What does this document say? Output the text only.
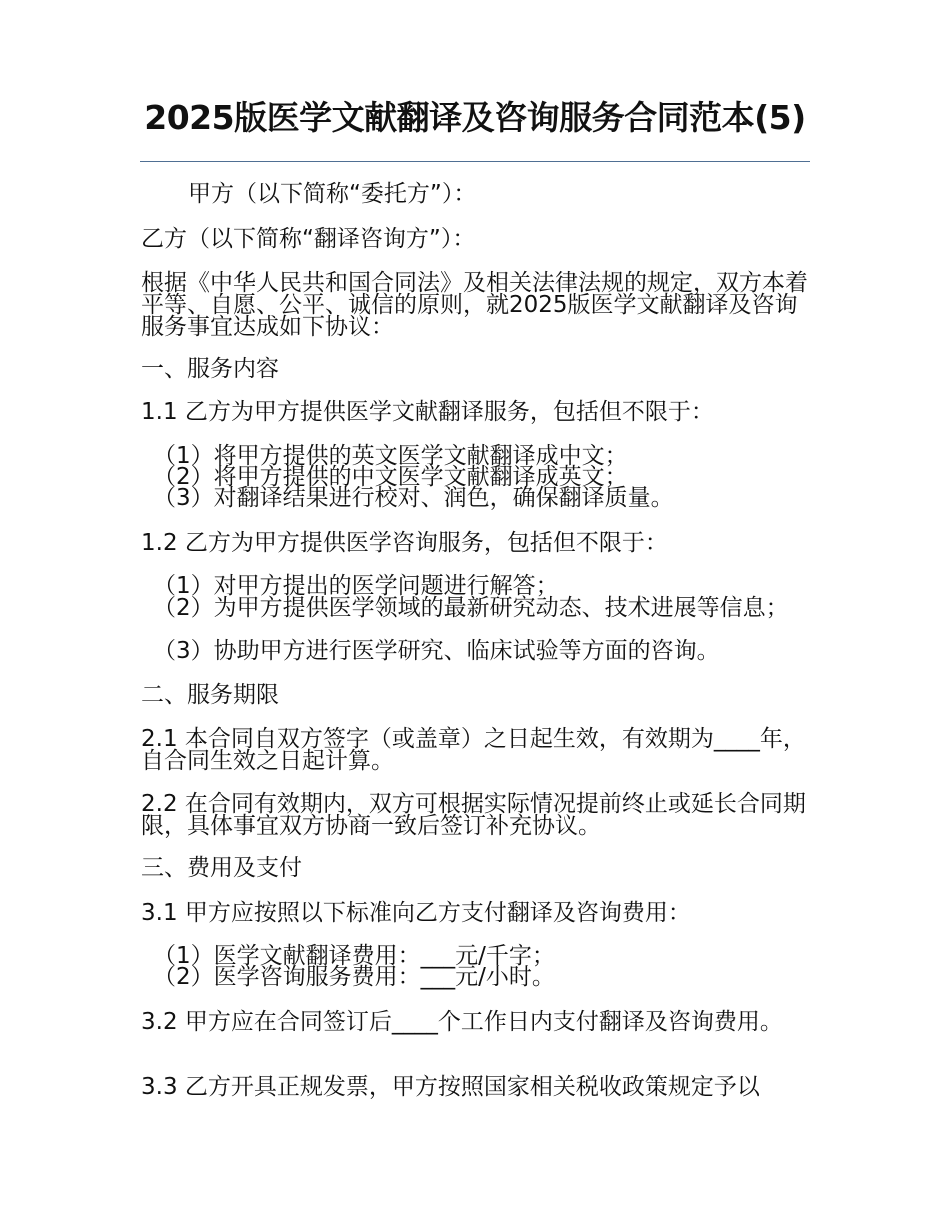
2025版医学文献翻译及咨询服务合同范本(5)
甲方（以下简称“委托方”）：
乙方（以下简称“翻译咨询方”）：
根据《中华人民共和国合同法》及相关法律法规的规定，双方本着平等、自愿、公平、诚信的原则，就2025版医学文献翻译及咨询服务事宜达成如下协议：
一、服务内容
1.1 乙方为甲方提供医学文献翻译服务，包括但不限于：
（1）将甲方提供的英文医学文献翻译成中文；
（2）将甲方提供的中文医学文献翻译成英文；
（3）对翻译结果进行校对、润色，确保翻译质量。
1.2 乙方为甲方提供医学咨询服务，包括但不限于：
（1）对甲方提出的医学问题进行解答；
（2）为甲方提供医学领域的最新研究动态、技术进展等信息；
（3）协助甲方进行医学研究、临床试验等方面的咨询。
二、服务期限
2.1 本合同自双方签字（或盖章）之日起生效，有效期为____年，自合同生效之日起计算。
2.2 在合同有效期内，双方可根据实际情况提前终止或延长合同期限，具体事宜双方协商一致后签订补充协议。
三、费用及支付
3.1 甲方应按照以下标准向乙方支付翻译及咨询费用：
（1）医学文献翻译费用：___元/千字；
（2）医学咨询服务费用：___元/小时。
3.2 甲方应在合同签订后____个工作日内支付翻译及咨询费用。
3.3 乙方开具正规发票，甲方按照国家相关税收政策规定予以
